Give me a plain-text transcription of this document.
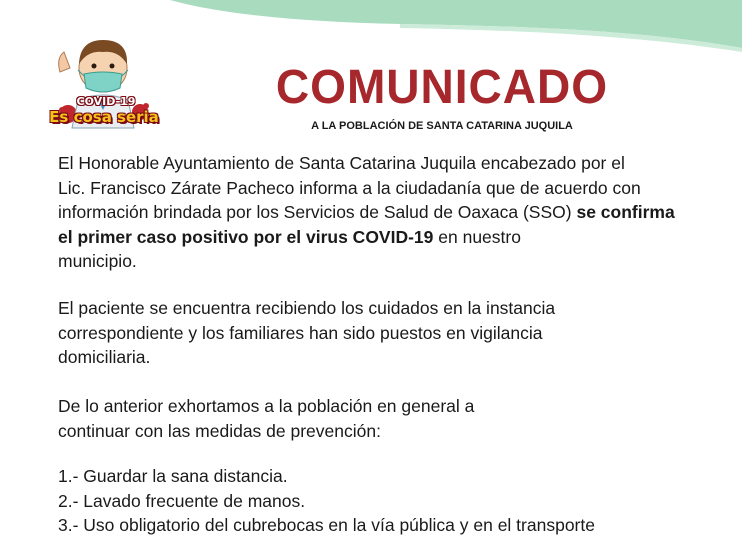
COVID-19
Es cosa seria
COMUNICADO
A LA POBLACIÓN DE SANTA CATARINA JUQUILA
El Honorable Ayuntamiento de Santa Catarina Juquila encabezado por el
Lic. Francisco Zárate Pacheco informa a la ciudadanía que de acuerdo con
información brindada por los Servicios de Salud de Oaxaca (SSO) se confirma
el primer caso positivo por el virus COVID-19 en nuestro
municipio.
El paciente se encuentra recibiendo los cuidados en la instancia
correspondiente y los familiares han sido puestos en vigilancia
domiciliaria.
De lo anterior exhortamos a la población en general a
continuar con las medidas de prevención:
1.- Guardar la sana distancia.
2.- Lavado frecuente de manos.
3.- Uso obligatorio del cubrebocas en la vía pública y en el transporte
